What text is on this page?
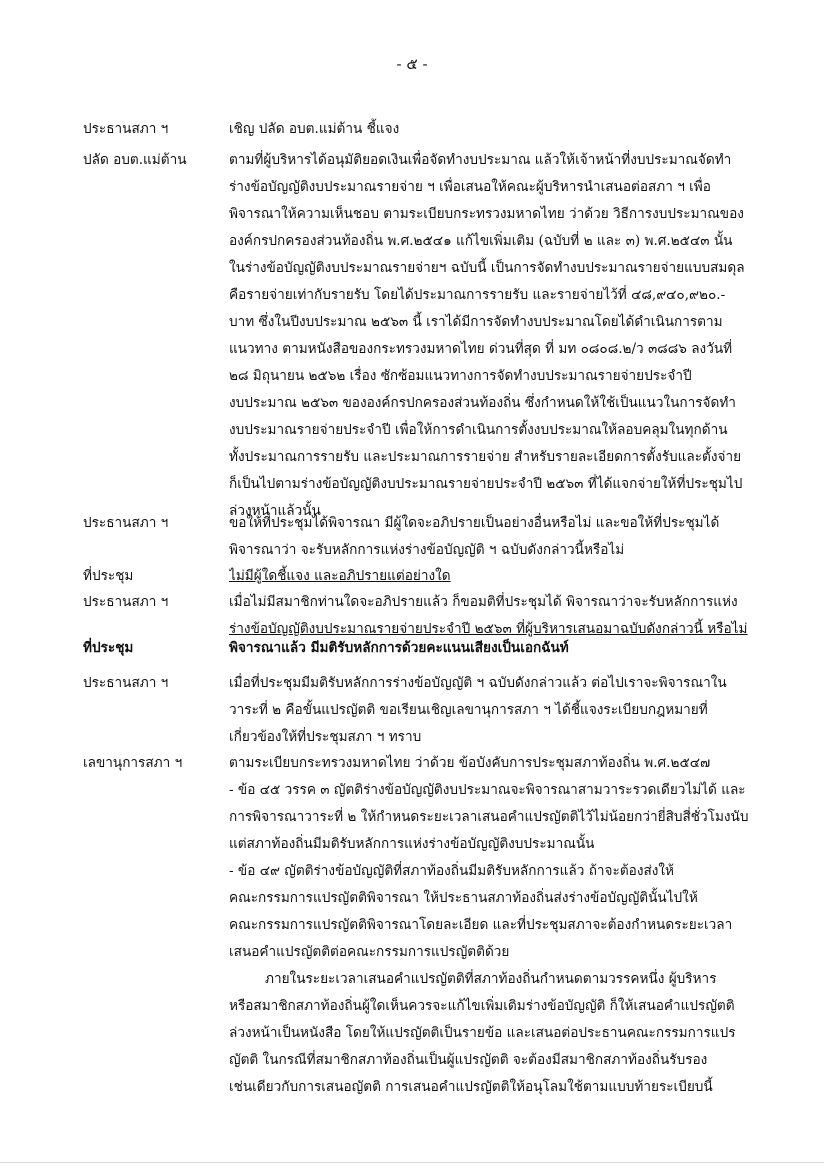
- ๕ -
ประธานสภา ฯ	เชิญ ปลัด อบต.แม่ต้าน ชี้แจง
ปลัด อบต.แม่ต้าน	ตามที่ผู้บริหารได้อนุมัติยอดเงินเพื่อจัดทำงบประมาณ แล้วให้เจ้าหน้าที่งบประมาณจัดทำ
ร่างข้อบัญญัติงบประมาณรายจ่าย ฯ เพื่อเสนอให้คณะผู้บริหารนำเสนอต่อสภา ฯ เพื่อ
พิจารณาให้ความเห็นชอบ ตามระเบียบกระทรวงมหาดไทย ว่าด้วย วิธีการงบประมาณของ
องค์กรปกครองส่วนท้องถิ่น พ.ศ.๒๕๔๑ แก้ไขเพิ่มเติม (ฉบับที่ ๒ และ ๓) พ.ศ.๒๕๔๓ นั้น
ในร่างข้อบัญญัติงบประมาณรายจ่ายฯ ฉบับนี้ เป็นการจัดทำงบประมาณรายจ่ายแบบสมดุล
คือรายจ่ายเท่ากับรายรับ โดยได้ประมาณการรายรับ และรายจ่ายไว้ที่ ๔๘,๙๔๐,๙๒๐.-
บาท ซึ่งในปีงบประมาณ ๒๕๖๓ นี้ เราได้มีการจัดทำงบประมาณโดยได้ดำเนินการตาม
แนวทาง ตามหนังสือของกระทรวงมหาดไทย ด่วนที่สุด ที่ มท ๐๘๐๘.๒/ว ๓๘๘๖ ลงวันที่
๒๘ มิถุนายน ๒๕๖๒ เรื่อง ซักซ้อมแนวทางการจัดทำงบประมาณรายจ่ายประจำปี
งบประมาณ ๒๕๖๓ ขององค์กรปกครองส่วนท้องถิ่น ซึ่งกำหนดให้ใช้เป็นแนวในการจัดทำ
งบประมาณรายจ่ายประจำปี เพื่อให้การดำเนินการตั้งงบประมาณให้ลอบคลุมในทุกด้าน
ทั้งประมาณการรายรับ และประมาณการรายจ่าย สำหรับรายละเอียดการตั้งรับและตั้งจ่าย
ก็เป็นไปตามร่างข้อบัญญัติงบประมาณรายจ่ายประจำปี ๒๕๖๓ ที่ได้แจกจ่ายให้ที่ประชุมไป
ล่วงหน้าแล้วนั้น
ประธานสภา ฯ	ขอให้ที่ประชุมได้พิจารณา มีผู้ใดจะอภิปรายเป็นอย่างอื่นหรือไม่ และขอให้ที่ประชุมได้
พิจารณาว่า จะรับหลักการแห่งร่างข้อบัญญัติ ฯ ฉบับดังกล่าวนี้หรือไม่
ที่ประชุม	ไม่มีผู้ใดชี้แจง และอภิปรายแต่อย่างใด
ประธานสภา ฯ	เมื่อไม่มีสมาชิกท่านใดจะอภิปรายแล้ว ก็ขอมติที่ประชุมได้ พิจารณาว่าจะรับหลักการแห่ง
ร่างข้อบัญญัติงบประมาณรายจ่ายประจำปี ๒๕๖๓ ที่ผู้บริหารเสนอมาฉบับดังกล่าวนี้ หรือไม่
ที่ประชุม	พิจารณาแล้ว มีมติรับหลักการด้วยคะแนนเสียงเป็นเอกฉันท์
ประธานสภา ฯ	เมื่อที่ประชุมมีมติรับหลักการร่างข้อบัญญัติ ฯ ฉบับดังกล่าวแล้ว ต่อไปเราจะพิจารณาใน
วาระที่ ๒ คือขั้นแปรญัตติ ขอเรียนเชิญเลขานุการสภา ฯ ได้ชี้แจงระเบียบกฎหมายที่
เกี่ยวข้องให้ที่ประชุมสภา ฯ ทราบ
เลขานุการสภา ฯ	ตามระเบียบกระทรวงมหาดไทย ว่าด้วย ข้อบังคับการประชุมสภาท้องถิ่น พ.ศ.๒๕๔๗
- ข้อ ๔๕ วรรค ๓ ญัตติร่างข้อบัญญัติงบประมาณจะพิจารณาสามวาระรวดเดียวไม่ได้ และ
การพิจารณาวาระที่ ๒ ให้กำหนดระยะเวลาเสนอคำแปรญัตติไว้ไม่น้อยกว่ายี่สิบสี่ชั่วโมงนับ
แต่สภาท้องถิ่นมีมติรับหลักการแห่งร่างข้อบัญญัติงบประมาณนั้น
- ข้อ ๔๙ ญัตติร่างข้อบัญญัติที่สภาท้องถิ่นมีมติรับหลักการแล้ว ถ้าจะต้องส่งให้
คณะกรรมการแปรญัตติพิจารณา ให้ประธานสภาท้องถิ่นส่งร่างข้อบัญญัตินั้นไปให้
คณะกรรมการแปรญัตติพิจารณาโดยละเอียด และที่ประชุมสภาจะต้องกำหนดระยะเวลา
เสนอคำแปรญัตติต่อคณะกรรมการแปรญัตติด้วย
ภายในระยะเวลาเสนอคำแปรญัตติที่สภาท้องถิ่นกำหนดตามวรรคหนึ่ง ผู้บริหาร
หรือสมาชิกสภาท้องถิ่นผู้ใดเห็นควรจะแก้ไขเพิ่มเติมร่างข้อบัญญัติ ก็ให้เสนอคำแปรญัตติ
ล่วงหน้าเป็นหนังสือ โดยให้แปรญัตติเป็นรายข้อ และเสนอต่อประธานคณะกรรมการแปร
ญัตติ ในกรณีที่สมาชิกสภาท้องถิ่นเป็นผู้แปรญัตติ จะต้องมีสมาชิกสภาท้องถิ่นรับรอง
เช่นเดียวกับการเสนอญัตติ การเสนอคำแปรญัตติให้อนุโลมใช้ตามแบบท้ายระเบียบนี้
